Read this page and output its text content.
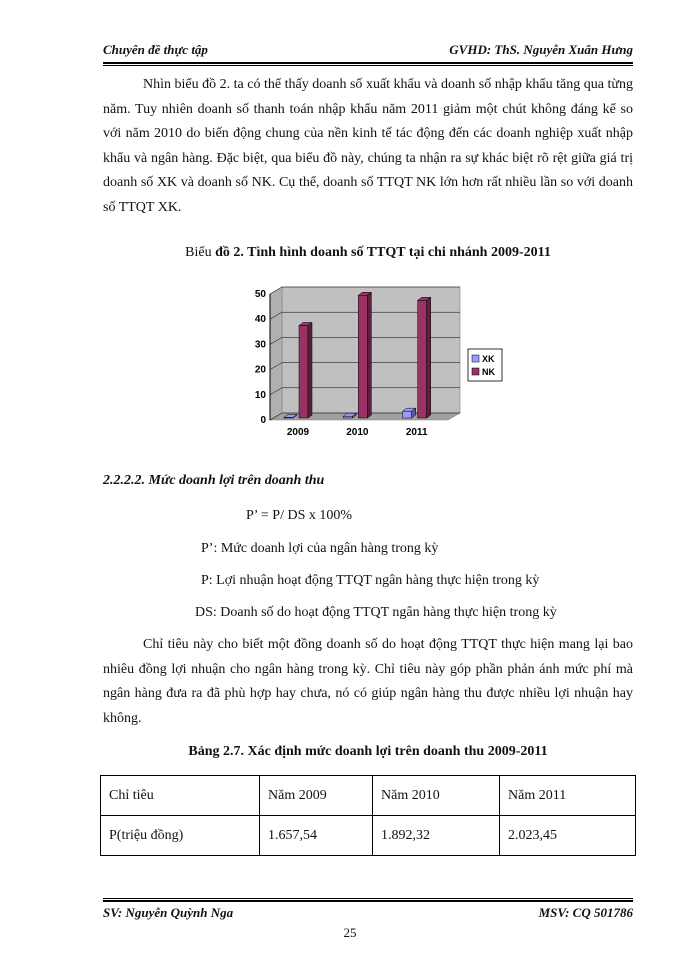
Chuyên đề thực tập	GVHD: ThS. Nguyễn Xuân Hưng
Nhìn biểu đồ 2. ta có thể thấy doanh số xuất khẩu và doanh số nhập khẩu tăng qua từng năm. Tuy nhiên doanh số thanh toán nhập khẩu năm 2011 giảm một chút không đáng kể so với năm 2010 do biến động chung của nền kinh tế tác động đến các doanh nghiệp xuất nhập khẩu và ngân hàng. Đặc biệt, qua biểu đồ này, chúng ta nhận ra sự khác biệt rõ rệt giữa giá trị doanh số XK và doanh số NK. Cụ thể, doanh số TTQT NK lớn hơn rất nhiều lần so với doanh số TTQT XK.
Biểu đồ 2. Tình hình doanh số TTQT tại chi nhánh 2009-2011
0
10
20
30
40
50
2009	2010	2011
XK
NK
2.2.2.2. Mức doanh lợi trên doanh thu
P’ = P/ DS x 100%
P’: Mức doanh lợi của ngân hàng trong kỳ
P: Lợi nhuận hoạt động TTQT ngân hàng thực hiện trong kỳ
DS: Doanh số do hoạt động TTQT ngân hàng thực hiện trong kỳ
Chỉ tiêu này cho biết một đồng doanh số do hoạt động TTQT thực hiện mang lại bao nhiêu đồng lợi nhuận cho ngân hàng trong kỳ. Chỉ tiêu này góp phần phản ánh mức phí mà ngân hàng đưa ra đã phù hợp hay chưa, nó có giúp ngân hàng thu được nhiều lợi nhuận hay không.
Bảng 2.7. Xác định mức doanh lợi trên doanh thu 2009-2011
Chỉ tiêu	Năm 2009	Năm 2010	Năm 2011
P(triệu đồng)	1.657,54	1.892,32	2.023,45
SV: Nguyễn Quỳnh Nga	MSV: CQ 501786
25
